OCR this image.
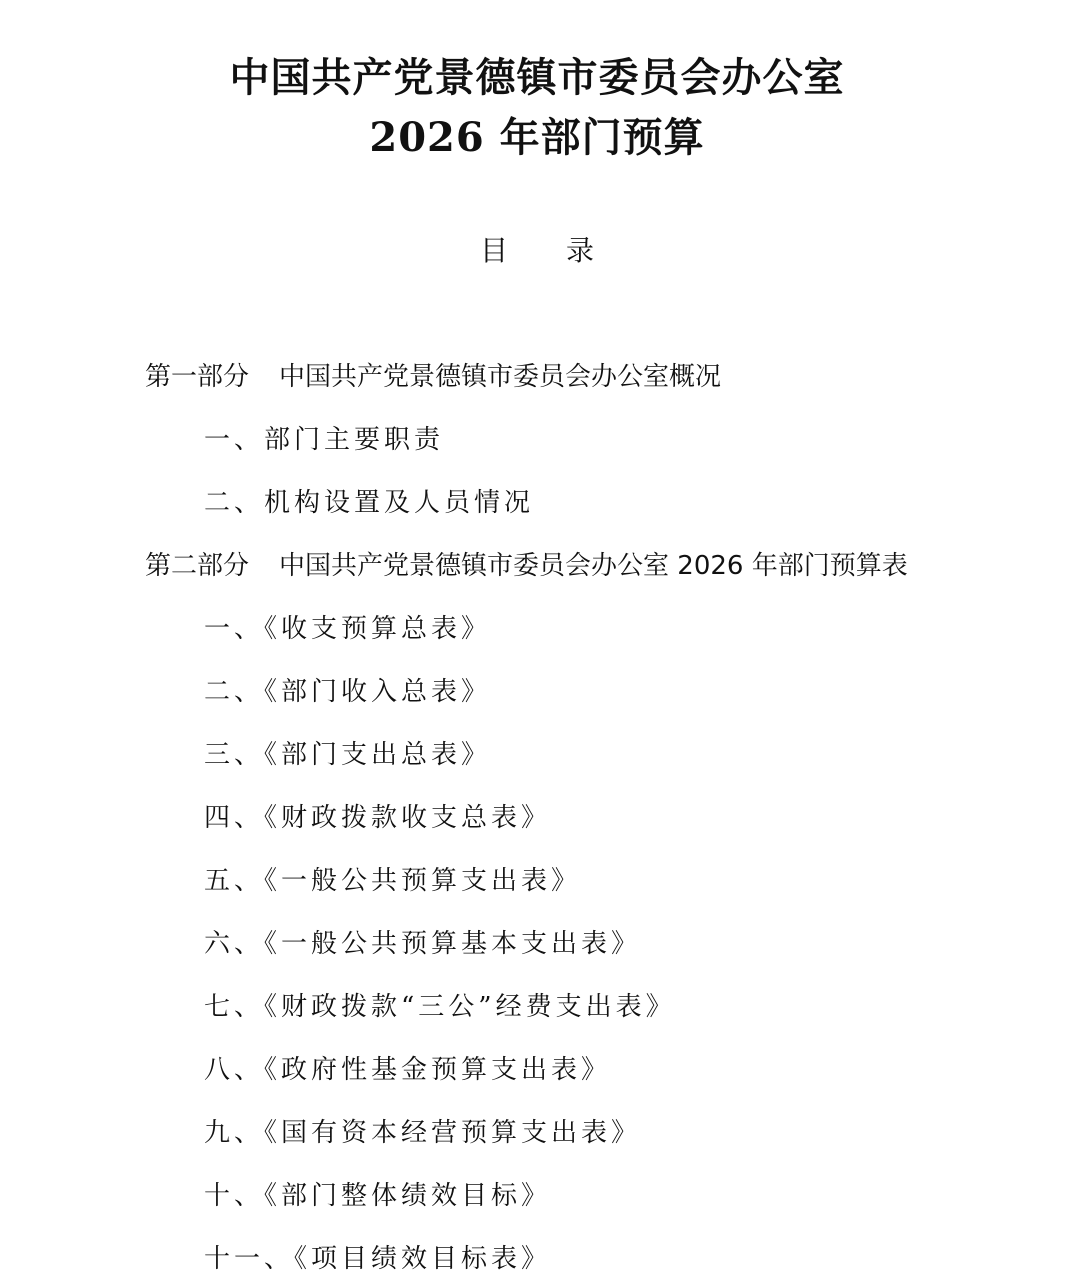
中国共产党景德镇市委员会办公室
2026 年部门预算
目 录
第一部分 中国共产党景德镇市委员会办公室概况
一、部门主要职责
二、机构设置及人员情况
第二部分 中国共产党景德镇市委员会办公室 2026 年部门预算表
一、《收支预算总表》
二、《部门收入总表》
三、《部门支出总表》
四、《财政拨款收支总表》
五、《一般公共预算支出表》
六、《一般公共预算基本支出表》
七、《财政拨款“三公”经费支出表》
八、《政府性基金预算支出表》
九、《国有资本经营预算支出表》
十、《部门整体绩效目标》
十一、《项目绩效目标表》
